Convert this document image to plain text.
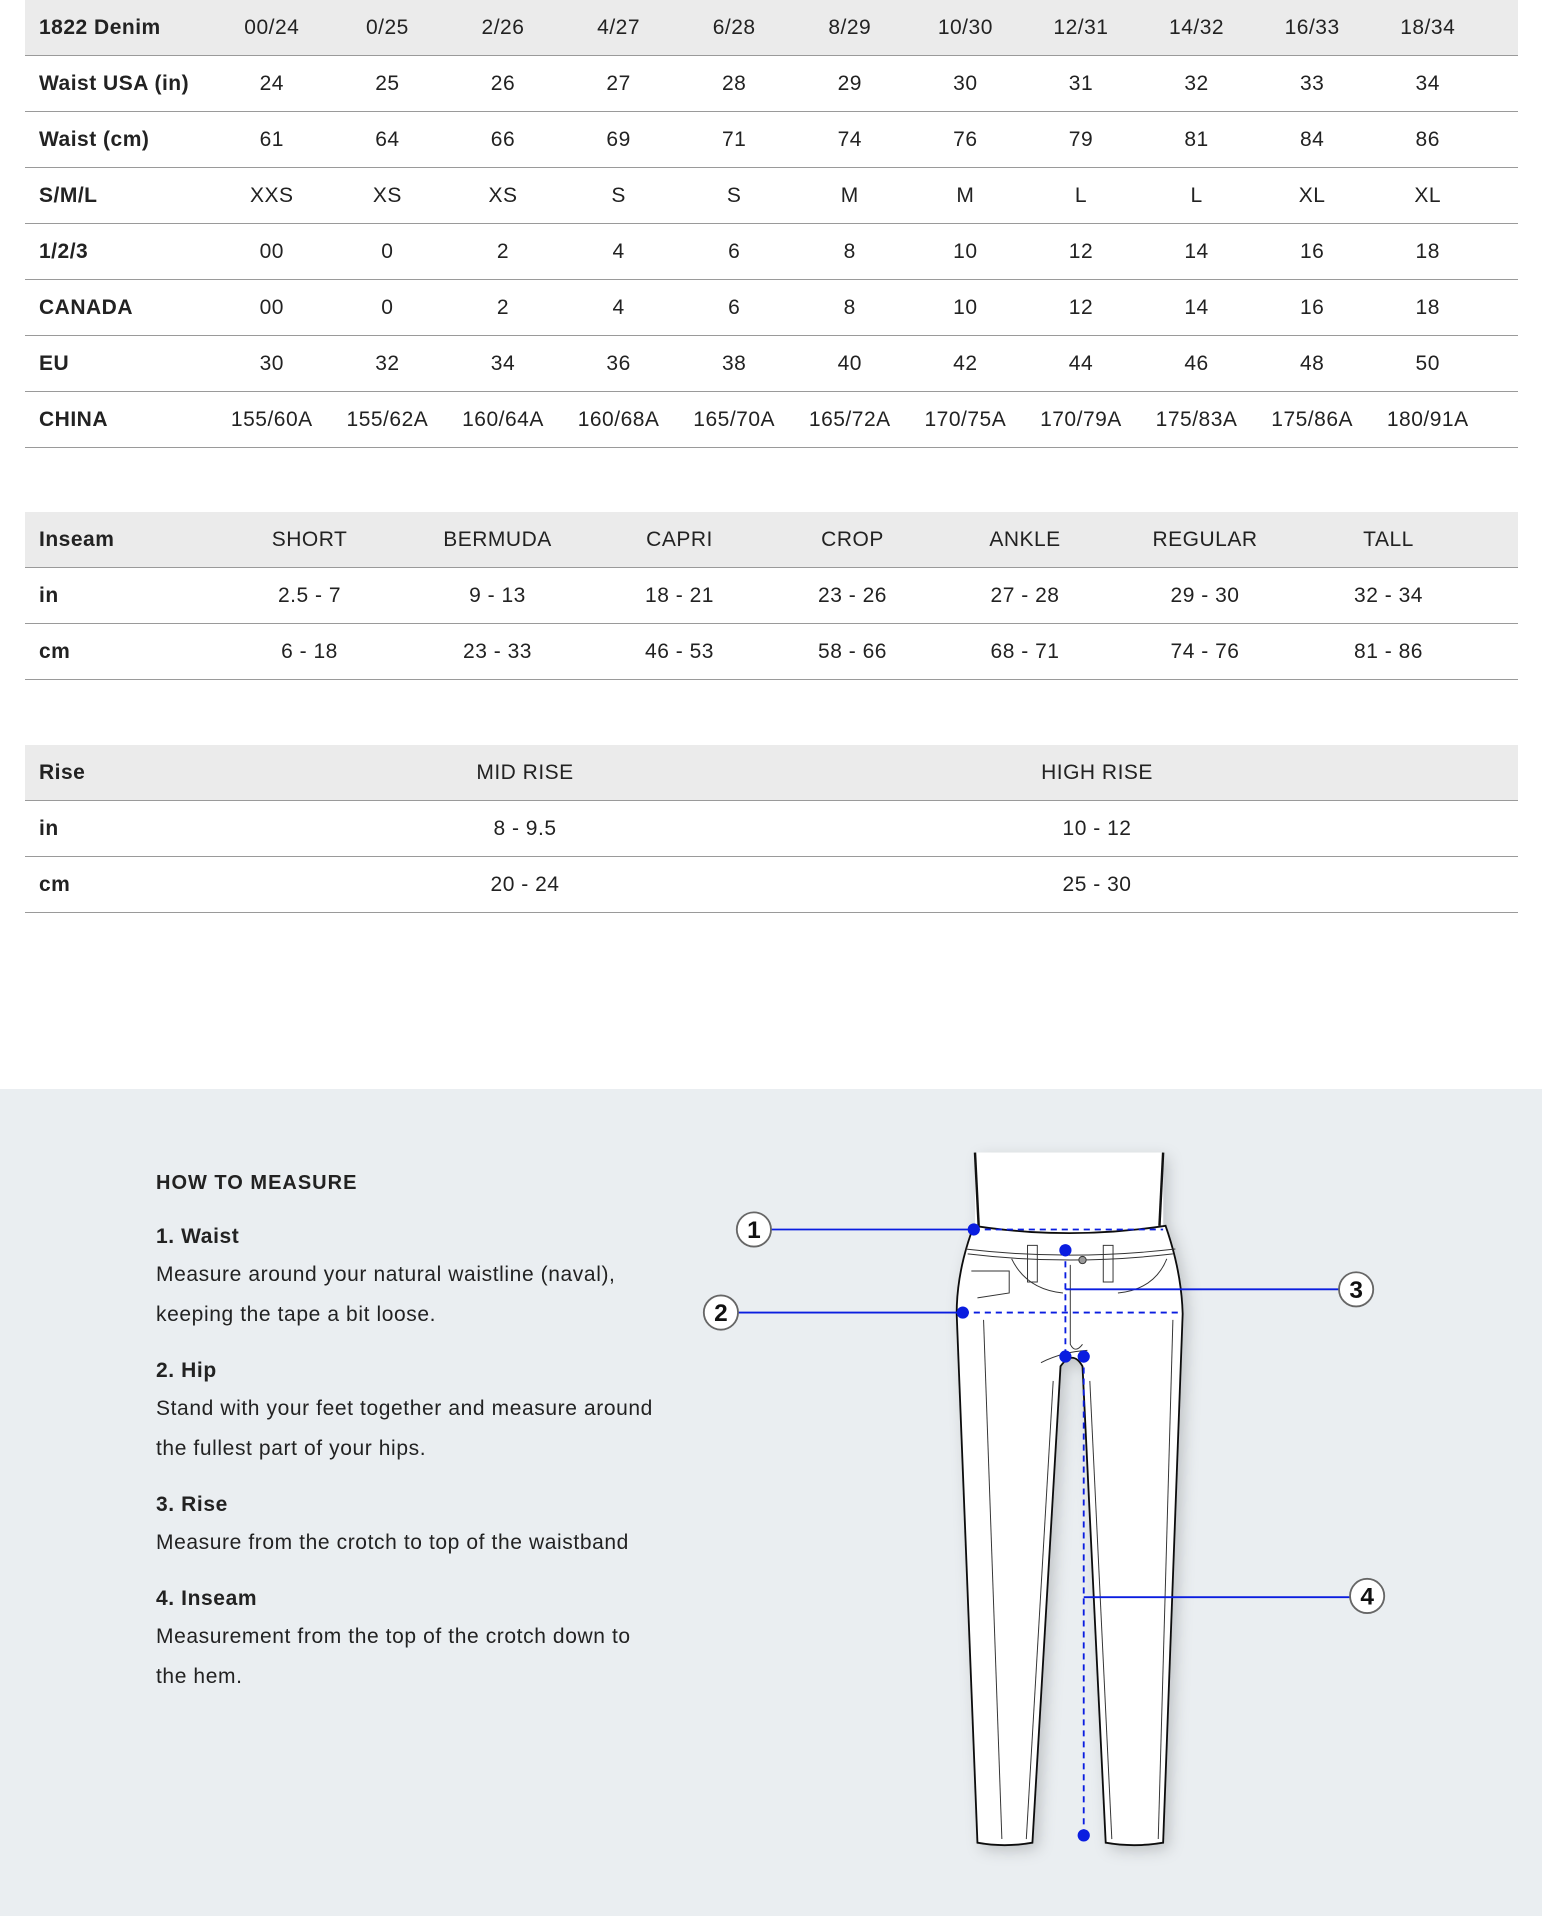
1822 Denim	00/24	0/25	2/26	4/27	6/28	8/29	10/30	12/31	14/32	16/33	18/34	
Waist USA (in)	24	25	26	27	28	29	30	31	32	33	34	
Waist (cm)	61	64	66	69	71	74	76	79	81	84	86	
S/M/L	XXS	XS	XS	S	S	M	M	L	L	XL	XL	
1/2/3	00	0	2	4	6	8	10	12	14	16	18	
CANADA	00	0	2	4	6	8	10	12	14	16	18	
EU	30	32	34	36	38	40	42	44	46	48	50	
CHINA	155/60A	155/62A	160/64A	160/68A	165/70A	165/72A	170/75A	170/79A	175/83A	175/86A	180/91A	
Inseam	SHORT	BERMUDA	CAPRI	CROP	ANKLE	REGULAR	TALL	
in	2.5 - 7	9 - 13	18 - 21	23 - 26	27 - 28	29 - 30	32 - 34	
cm	6 - 18	23 - 33	46 - 53	58 - 66	68 - 71	74 - 76	81 - 86	
Rise	MID RISE	HIGH RISE	
in	8 - 9.5	10 - 12	
cm	20 - 24	25 - 30	
HOW TO MEASURE
1. Waist

Measure around your natural waistline (naval), keeping the tape a bit loose.

2. Hip

Stand with your feet together and measure around the fullest part of your hips.

3. Rise

Measure from the crotch to top of the waistband

4. Inseam

Measurement from the top of the crotch down to the hem.

1
2
3
4
